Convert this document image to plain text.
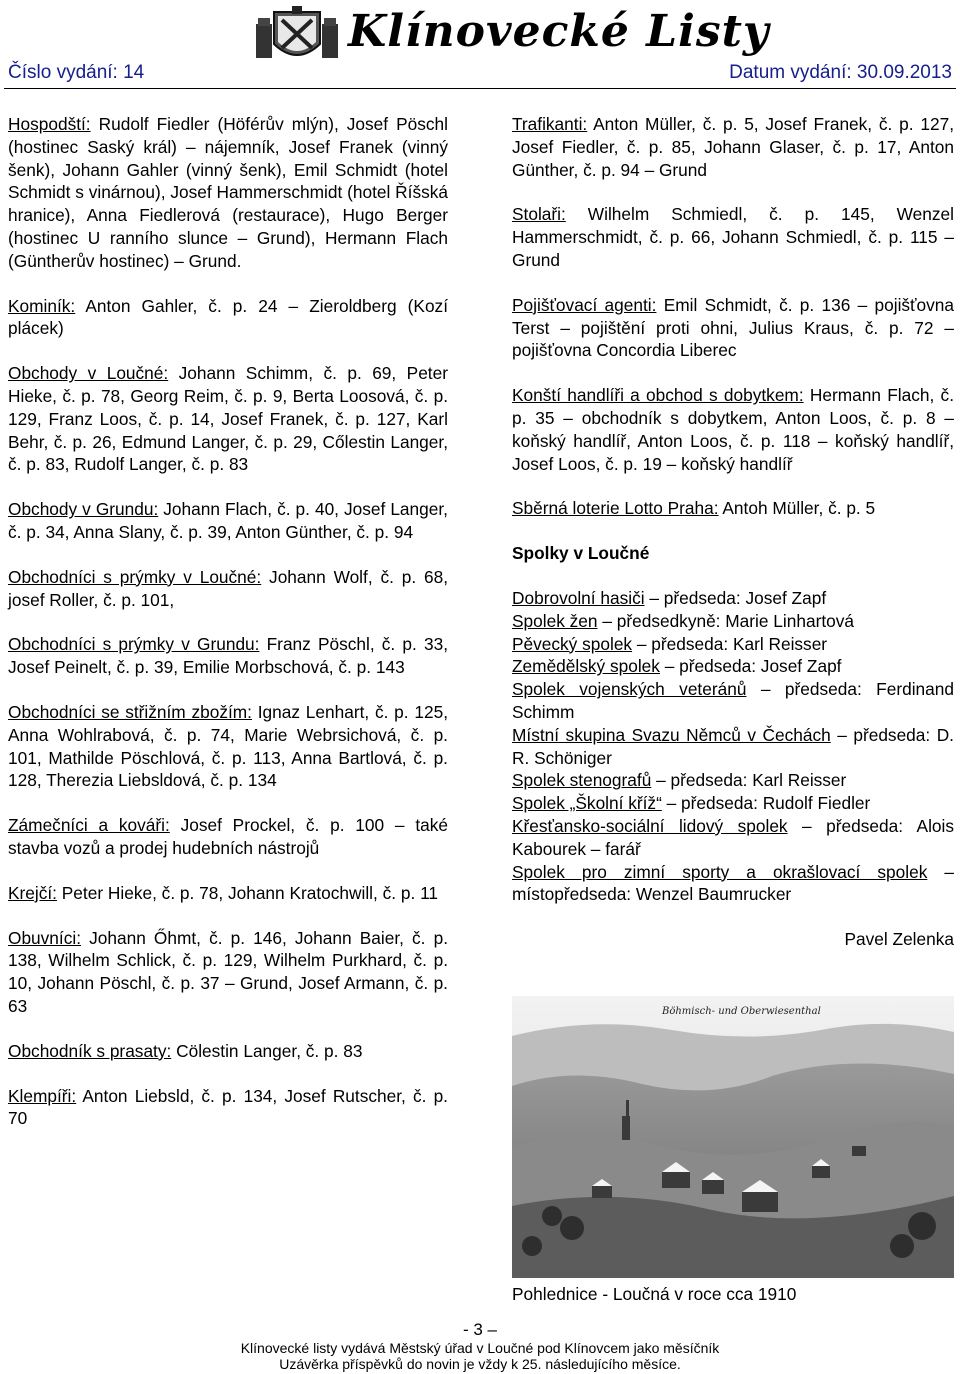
Klínovecké Listy
Číslo vydání: 14	Datum vydání: 30.09.2013

Hospodští: Rudolf Fiedler (Höférův mlýn), Josef Pöschl (hostinec Saský král) – nájemník, Josef Franek (vinný šenk), Johann Gahler (vinný šenk), Emil Schmidt (hotel Schmidt s vinárnou), Josef Hammerschmidt (hotel Říšská hranice), Anna Fiedlerová (restaurace), Hugo Berger (hostinec U ranního slunce – Grund), Hermann Flach (Güntherův hostinec) – Grund.

Kominík: Anton Gahler, č. p. 24 – Zieroldberg (Kozí plácek)

Obchody v Loučné: Johann Schimm, č. p. 69, Peter Hieke, č. p. 78, Georg Reim, č. p. 9, Berta Loosová, č. p. 129, Franz Loos, č. p. 14, Josef Franek, č. p. 127, Karl Behr, č. p. 26, Edmund Langer, č. p. 29, Cőlestin Langer, č. p. 83, Rudolf Langer, č. p. 83

Obchody v Grundu: Johann Flach, č. p. 40, Josef Langer, č. p. 34, Anna Slany, č. p. 39, Anton Günther, č. p. 94

Obchodníci s prýmky v Loučné: Johann Wolf, č. p. 68, josef Roller, č. p. 101,

Obchodníci s prýmky v Grundu: Franz Pöschl, č. p. 33, Josef Peinelt, č. p. 39, Emilie Morbschová, č. p. 143

Obchodníci se střižním zbožím: Ignaz Lenhart, č. p. 125, Anna Wohlrabová, č. p. 74, Marie Webrsichová, č. p. 101, Mathilde Pöschlová, č. p. 113, Anna Bartlová, č. p. 128, Therezia Liebsldová, č. p. 134

Zámečníci a kováři: Josef Prockel, č. p. 100 – také stavba vozů a prodej hudebních nástrojů

Krejčí: Peter Hieke, č. p. 78, Johann Kratochwill, č. p. 11

Obuvníci: Johann Őhmt, č. p. 146, Johann Baier, č. p. 138, Wilhelm Schlick, č. p. 129, Wilhelm Purkhard, č. p. 10, Johann Pöschl, č. p. 37 – Grund, Josef Armann, č. p. 63

Obchodník s prasaty: Cölestin Langer, č. p. 83

Klempíři: Anton Liebsld, č. p. 134, Josef Rutscher, č. p. 70

Trafikanti: Anton Müller, č. p. 5, Josef Franek, č. p. 127, Josef Fiedler, č. p. 85, Johann Glaser, č. p. 17, Anton Günther, č. p. 94 – Grund

Stolaři: Wilhelm Schmiedl, č. p. 145, Wenzel Hammerschmidt, č. p. 66, Johann Schmiedl, č. p. 115 – Grund

Pojišťovací agenti: Emil Schmidt, č. p. 136 – pojišťovna Terst – pojištění proti ohni, Julius Kraus, č. p. 72 – pojišťovna Concordia Liberec

Konští handlíři a obchod s dobytkem: Hermann Flach, č. p. 35 – obchodník s dobytkem, Anton Loos, č. p. 8 – koňský handlíř, Anton Loos, č. p. 118 – koňský handlíř, Josef Loos, č. p. 19 – koňský handlíř

Sběrná loterie Lotto Praha: Antoh Müller, č. p. 5

Spolky v Loučné

Dobrovolní hasiči – předseda: Josef Zapf

Spolek žen – předsedkyně: Marie Linhartová

Pěvecký spolek – předseda: Karl Reisser

Zemědělský spolek – předseda: Josef Zapf

Spolek vojenských veteránů – předseda: Ferdinand Schimm

Místní skupina Svazu Němců v Čechách – předseda: D. R. Schöniger

Spolek stenografů – předseda: Karl Reisser

Spolek „Školní kříž“ – předseda: Rudolf Fiedler

Křesťansko-sociální lidový spolek – předseda: Alois Kabourek – farář

Spolek pro zimní sporty a okrašlovací spolek – místopředseda: Wenzel Baumrucker

Pavel Zelenka

Böhmisch- und Oberwiesenthal
Pohlednice - Loučná v roce cca 1910
- 3 –
Klínovecké listy vydává Městský úřad v Loučné pod Klínovcem jako měsíčník
Uzávěrka příspěvků do novin je vždy k 25. následujícího měsíce.
